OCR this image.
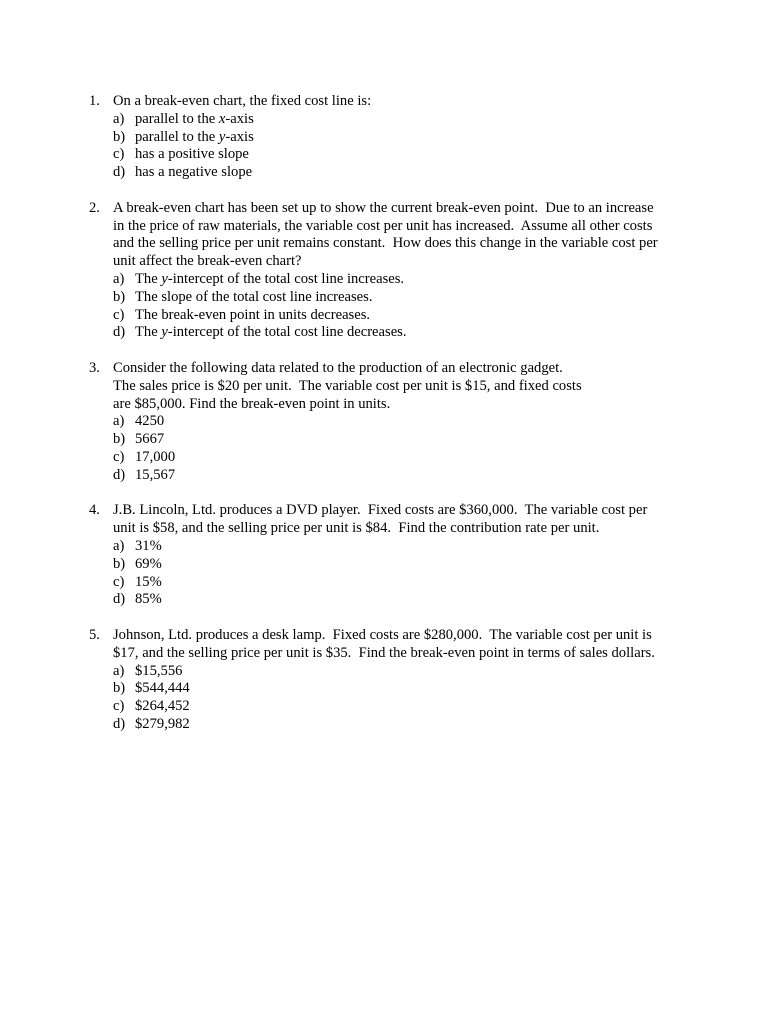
1. On a break-even chart, the fixed cost line is:
a) parallel to the x-axis
b) parallel to the y-axis
c) has a positive slope
d) has a negative slope
2. A break-even chart has been set up to show the current break-even point.  Due to an increase
in the price of raw materials, the variable cost per unit has increased.  Assume all other costs
and the selling price per unit remains constant.  How does this change in the variable cost per
unit affect the break-even chart?
a) The y-intercept of the total cost line increases.
b) The slope of the total cost line increases.
c) The break-even point in units decreases.
d) The y-intercept of the total cost line decreases.
3. Consider the following data related to the production of an electronic gadget.
The sales price is $20 per unit.  The variable cost per unit is $15, and fixed costs
are $85,000. Find the break-even point in units.
a) 4250
b) 5667
c) 17,000
d) 15,567
4. J.B. Lincoln, Ltd. produces a DVD player.  Fixed costs are $360,000.  The variable cost per
unit is $58, and the selling price per unit is $84.  Find the contribution rate per unit.
a) 31%
b) 69%
c) 15%
d) 85%
5. Johnson, Ltd. produces a desk lamp.  Fixed costs are $280,000.  The variable cost per unit is
$17, and the selling price per unit is $35.  Find the break-even point in terms of sales dollars.
a) $15,556
b) $544,444
c) $264,452
d) $279,982
